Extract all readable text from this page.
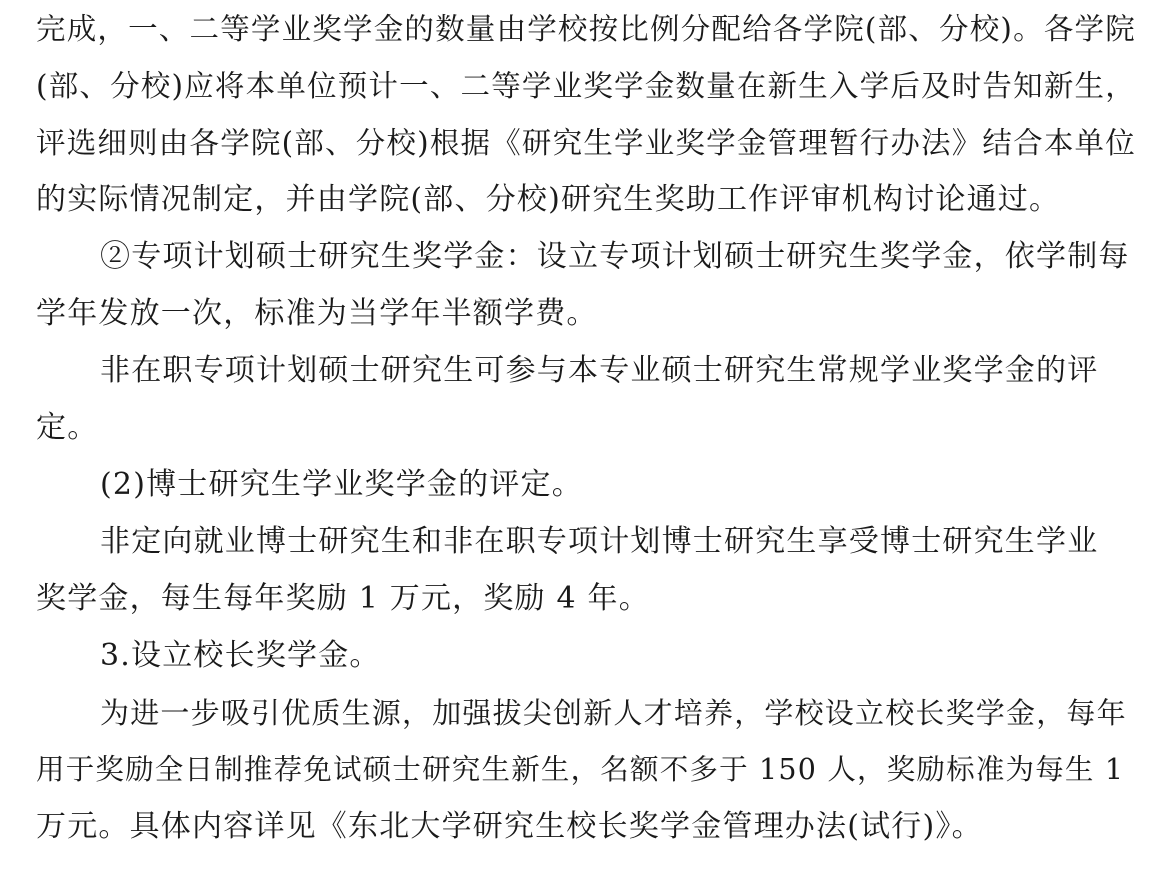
完成，一、二等学业奖学金的数量由学校按比例分配给各学院(部、分校)。各学院
(部、分校)应将本单位预计一、二等学业奖学金数量在新生入学后及时告知新生，
评选细则由各学院(部、分校)根据《研究生学业奖学金管理暂行办法》结合本单位
的实际情况制定，并由学院(部、分校)研究生奖助工作评审机构讨论通过。
②专项计划硕士研究生奖学金：设立专项计划硕士研究生奖学金，依学制每
学年发放一次，标准为当学年半额学费。
非在职专项计划硕士研究生可参与本专业硕士研究生常规学业奖学金的评
定。
(2)博士研究生学业奖学金的评定。
非定向就业博士研究生和非在职专项计划博士研究生享受博士研究生学业
奖学金，每生每年奖励 1 万元，奖励 4 年。
3.设立校长奖学金。
为进一步吸引优质生源，加强拔尖创新人才培养，学校设立校长奖学金，每年
用于奖励全日制推荐免试硕士研究生新生，名额不多于 150 人，奖励标准为每生 1
万元。具体内容详见《东北大学研究生校长奖学金管理办法(试行)》。
